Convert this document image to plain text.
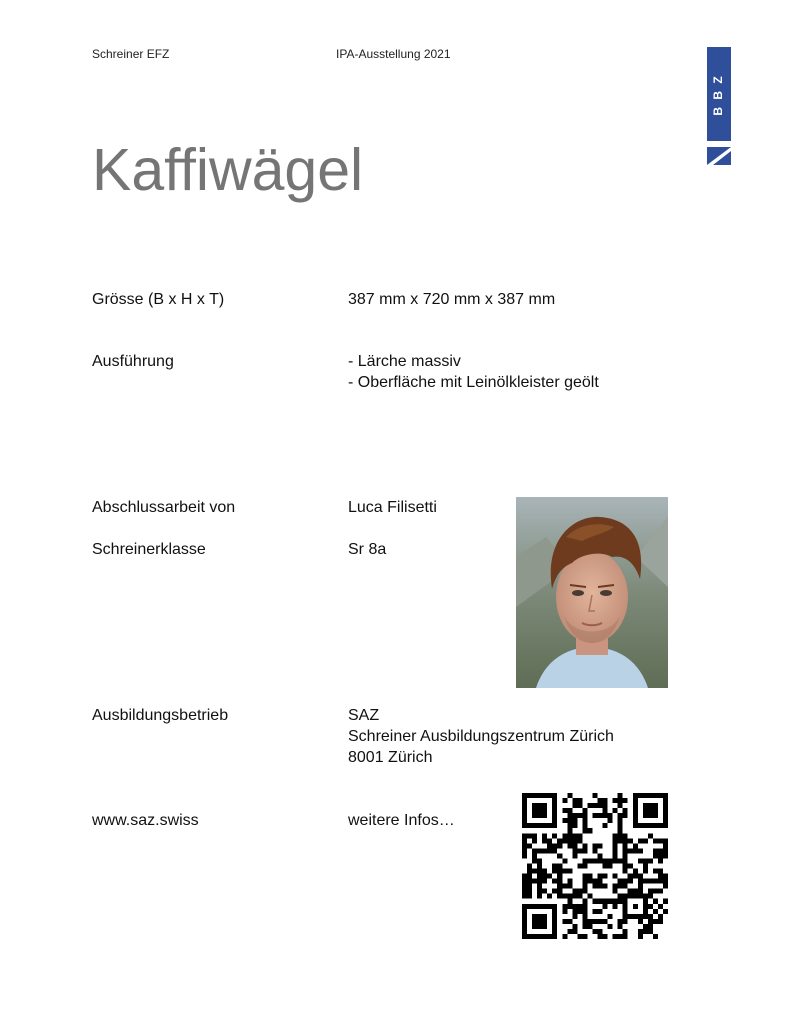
Schreiner EFZ	IPA-Ausstellung 2021
B B Z
Kaffiwägel
Grösse (B x H x T)	387 mm x 720 mm x 387 mm
Ausführung	- Lärche massiv
- Oberfläche mit Leinölkleister geölt
Abschlussarbeit von	Luca Filisetti
Schreinerklasse	Sr 8a
Ausbildungsbetrieb	SAZ
Schreiner Ausbildungszentrum Zürich
8001 Zürich
www.saz.swiss	weitere Infos…
